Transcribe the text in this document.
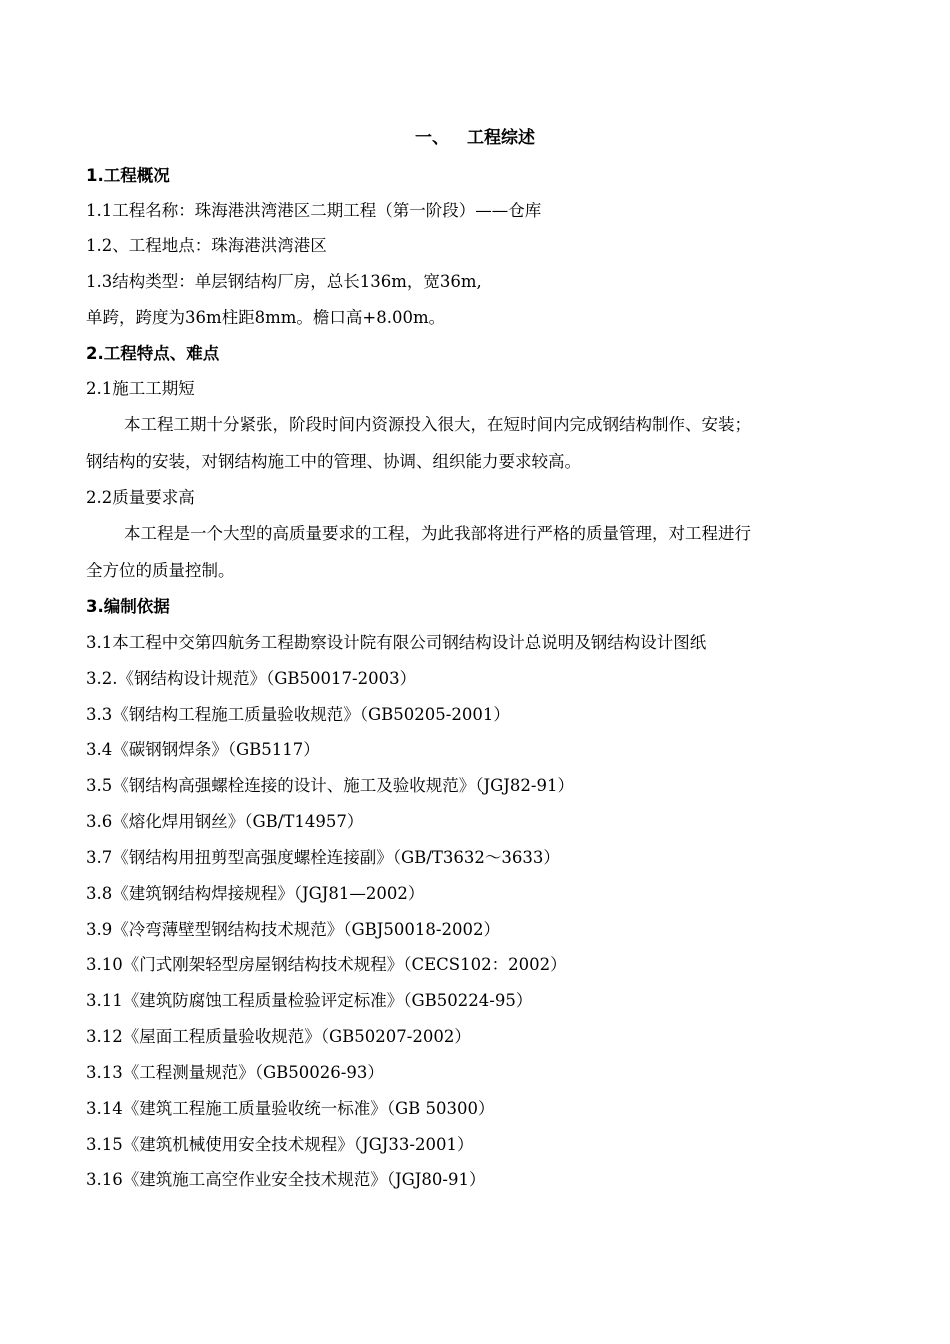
一、 工程综述
1.工程概况
1.1工程名称：珠海港洪湾港区二期工程（第一阶段）——仓库
1.2、工程地点：珠海港洪湾港区
1.3结构类型：单层钢结构厂房，总长136m，宽36m,
单跨，跨度为36m柱距8mm。檐口高+8.00m。
2.工程特点、难点
2.1施工工期短
本工程工期十分紧张，阶段时间内资源投入很大，在短时间内完成钢结构制作、安装；
钢结构的安装，对钢结构施工中的管理、协调、组织能力要求较高。
2.2质量要求高
本工程是一个大型的高质量要求的工程，为此我部将进行严格的质量管理，对工程进行
全方位的质量控制。
3.编制依据
3.1本工程中交第四航务工程勘察设计院有限公司钢结构设计总说明及钢结构设计图纸
3.2.《钢结构设计规范》（GB50017-2003）
3.3《钢结构工程施工质量验收规范》（GB50205-2001）
3.4《碳钢钢焊条》（GB5117）
3.5《钢结构高强螺栓连接的设计、施工及验收规范》（JGJ82-91）
3.6《熔化焊用钢丝》（GB/T14957）
3.7《钢结构用扭剪型高强度螺栓连接副》（GB/T3632～3633）
3.8《建筑钢结构焊接规程》（JGJ81—2002）
3.9《冷弯薄壁型钢结构技术规范》（GBJ50018-2002）
3.10《门式刚架轻型房屋钢结构技术规程》（CECS102：2002）
3.11《建筑防腐蚀工程质量检验评定标准》（GB50224-95）
3.12《屋面工程质量验收规范》（GB50207-2002）
3.13《工程测量规范》（GB50026-93）
3.14《建筑工程施工质量验收统一标准》（GB 50300）
3.15《建筑机械使用安全技术规程》（JGJ33-2001）
3.16《建筑施工高空作业安全技术规范》（JGJ80-91）
